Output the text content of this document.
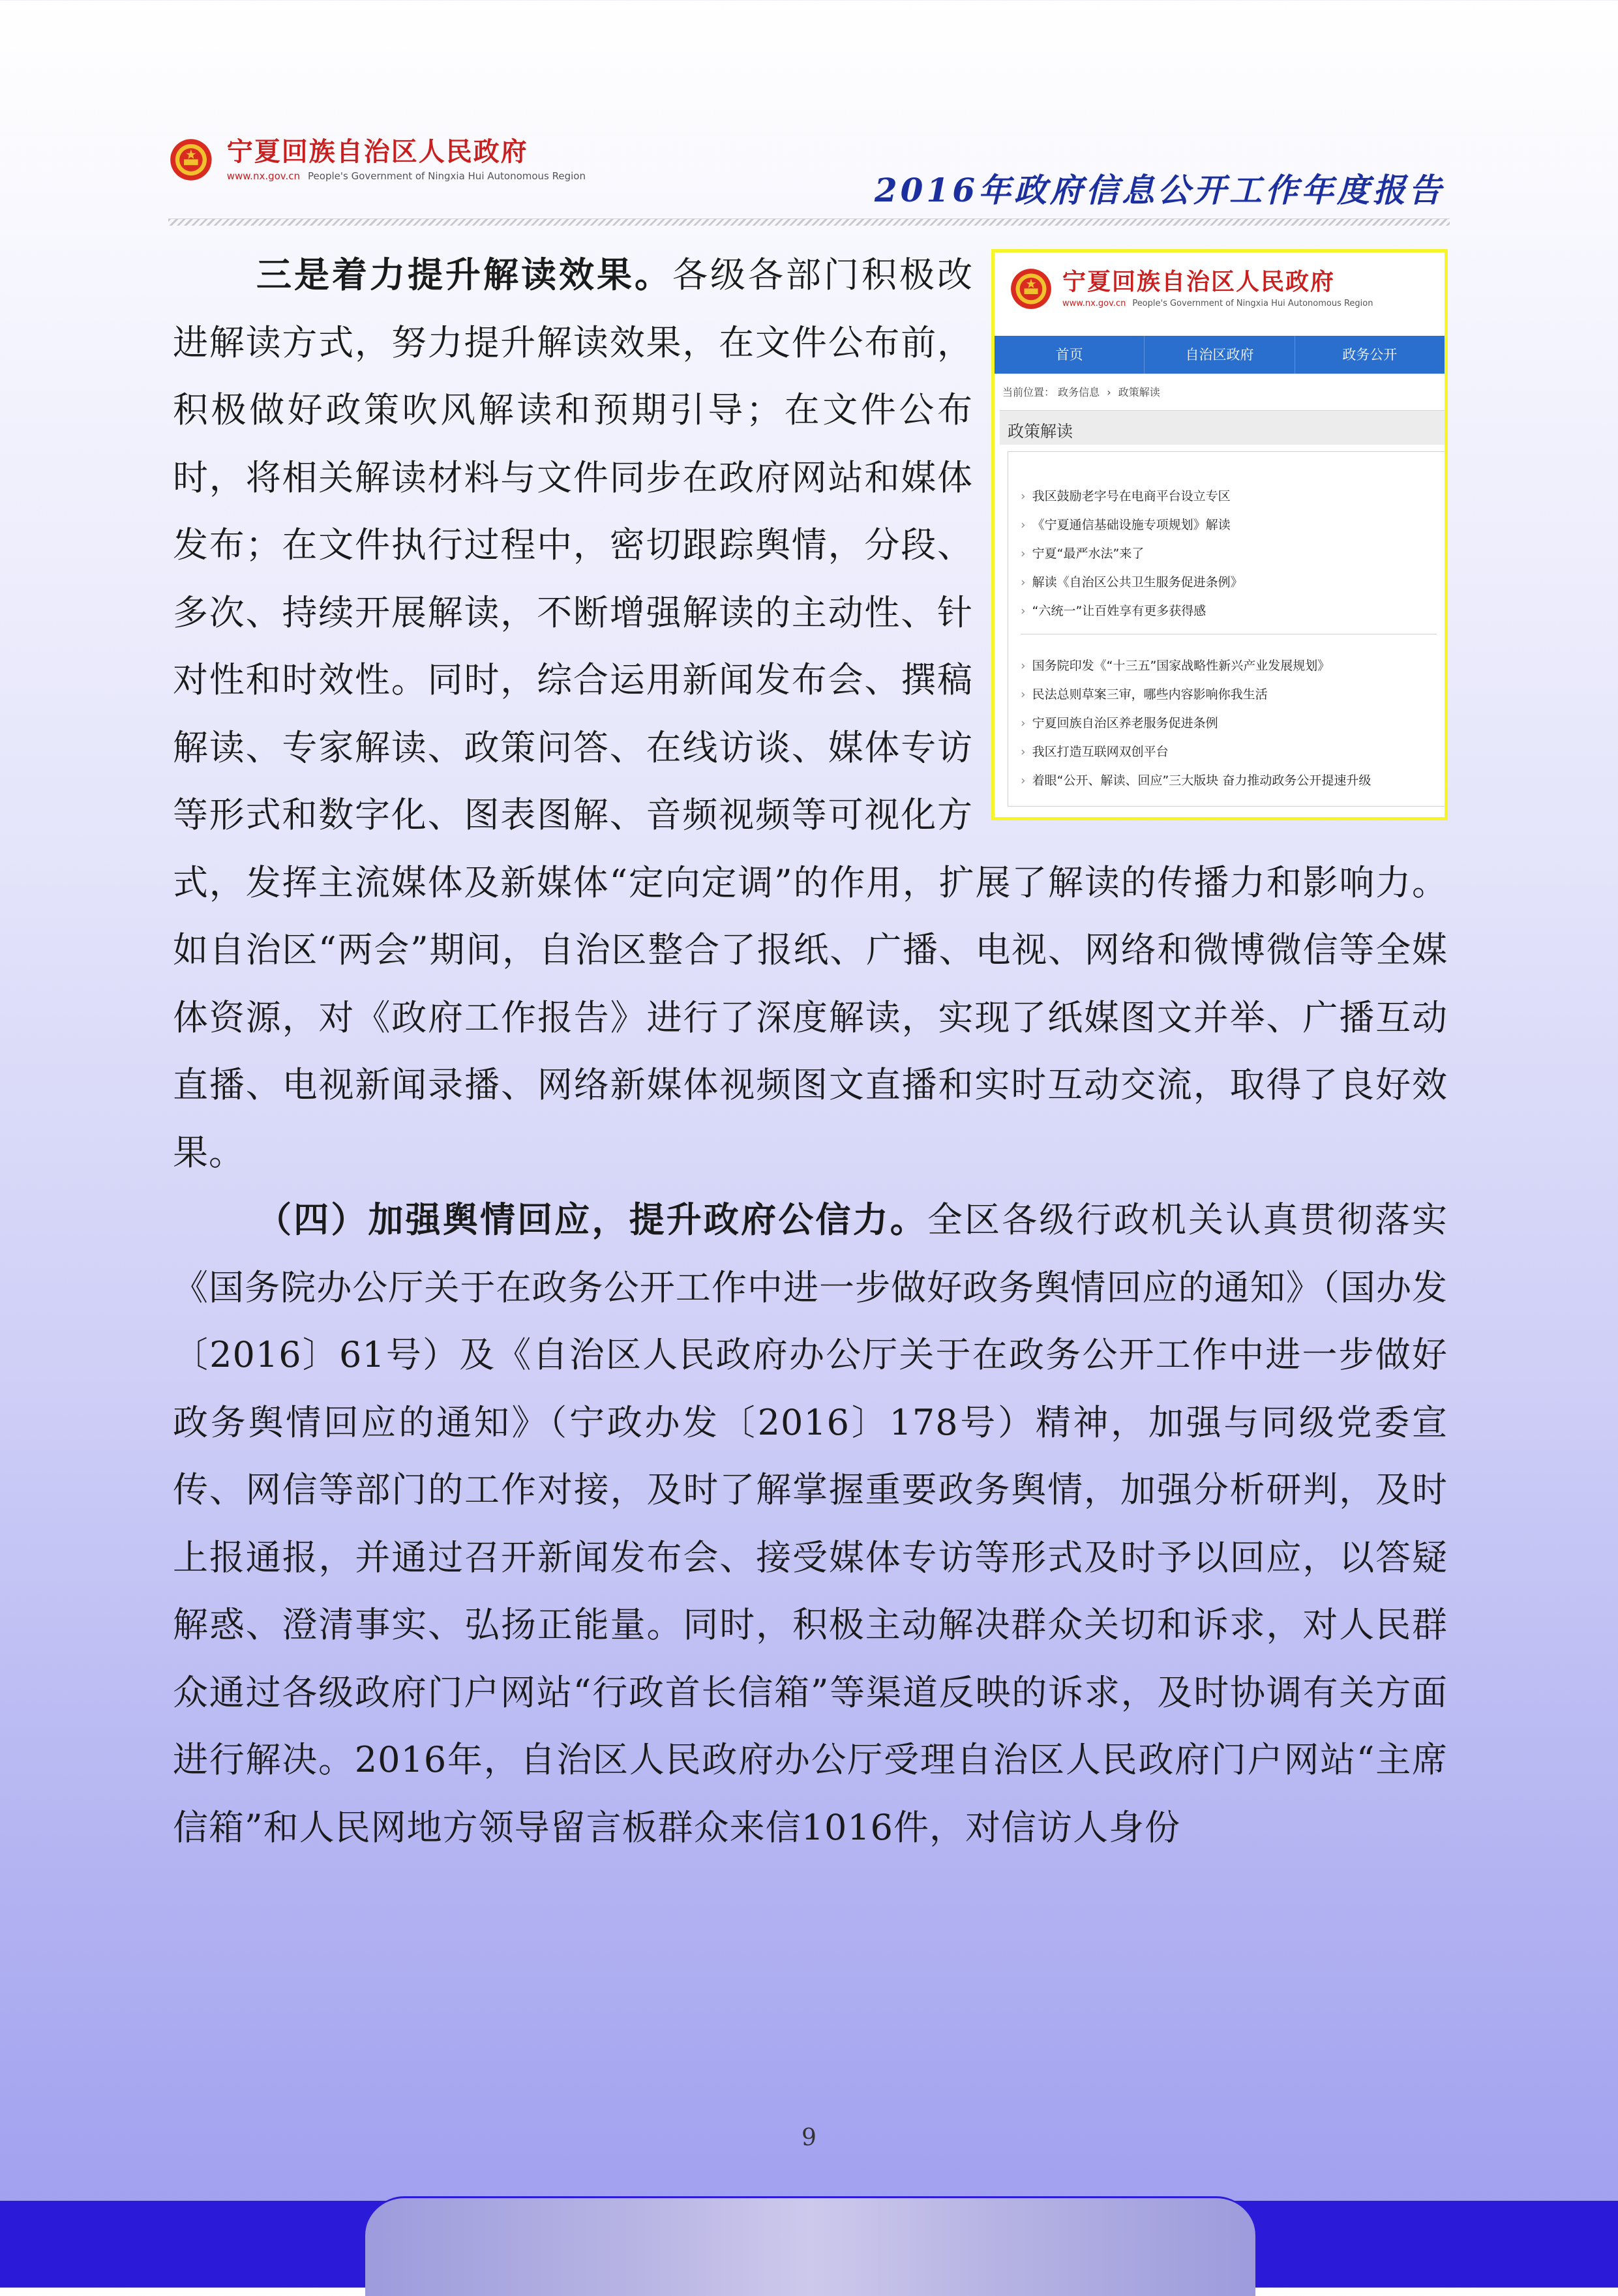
宁夏回族自治区人民政府
www.nx.gov.cn People's Government of Ningxia Hui Autonomous Region	2016年政府信息公开工作年度报告
宁夏回族自治区人民政府
www.nx.gov.cn People's Government of Ningxia Hui Autonomous Region
首页	自治区政府	政务公开
当前位置： 政务信息 › 政策解读
政策解读
› 我区鼓励老字号在电商平台设立专区
› 《宁夏通信基础设施专项规划》解读
› 宁夏“最严水法”来了
› 解读《自治区公共卫生服务促进条例》
› “六统一”让百姓享有更多获得感
› 国务院印发《“十三五”国家战略性新兴产业发展规划》
› 民法总则草案三审，哪些内容影响你我生活
› 宁夏回族自治区养老服务促进条例
› 我区打造互联网双创平台
› 着眼“公开、解读、回应”三大版块 奋力推动政务公开提速升级

三是着力提升解读效果。各级各部门积极改进解读方式，努力提升解读效果，在文件公布前，积极做好政策吹风解读和预期引导；在文件公布时，将相关解读材料与文件同步在政府网站和媒体发布；在文件执行过程中，密切跟踪舆情，分段、多次、持续开展解读，不断增强解读的主动性、针对性和时效性。同时，综合运用新闻发布会、撰稿解读、专家解读、政策问答、在线访谈、媒体专访等形式和数字化、图表图解、音频视频等可视化方式，发挥主流媒体及新媒体“定向定调”的作用，扩展了解读的传播力和影响力。如自治区“两会”期间，自治区整合了报纸、广播、电视、网络和微博微信等全媒体资源，对《政府工作报告》进行了深度解读，实现了纸媒图文并举、广播互动直播、电视新闻录播、网络新媒体视频图文直播和实时互动交流，取得了良好效果。

（四）加强舆情回应，提升政府公信力。全区各级行政机关认真贯彻落实《国务院办公厅关于在政务公开工作中进一步做好政务舆情回应的通知》（国办发〔2016〕61号）及《自治区人民政府办公厅关于在政务公开工作中进一步做好政务舆情回应的通知》（宁政办发〔2016〕178号）精神，加强与同级党委宣传、网信等部门的工作对接，及时了解掌握重要政务舆情，加强分析研判，及时上报通报，并通过召开新闻发布会、接受媒体专访等形式及时予以回应，以答疑解惑、澄清事实、弘扬正能量。同时，积极主动解决群众关切和诉求，对人民群众通过各级政府门户网站“行政首长信箱”等渠道反映的诉求，及时协调有关方面进行解决。2016年，自治区人民政府办公厅受理自治区人民政府门户网站“主席信箱”和人民网地方领导留言板群众来信1016件，对信访人身份

9
